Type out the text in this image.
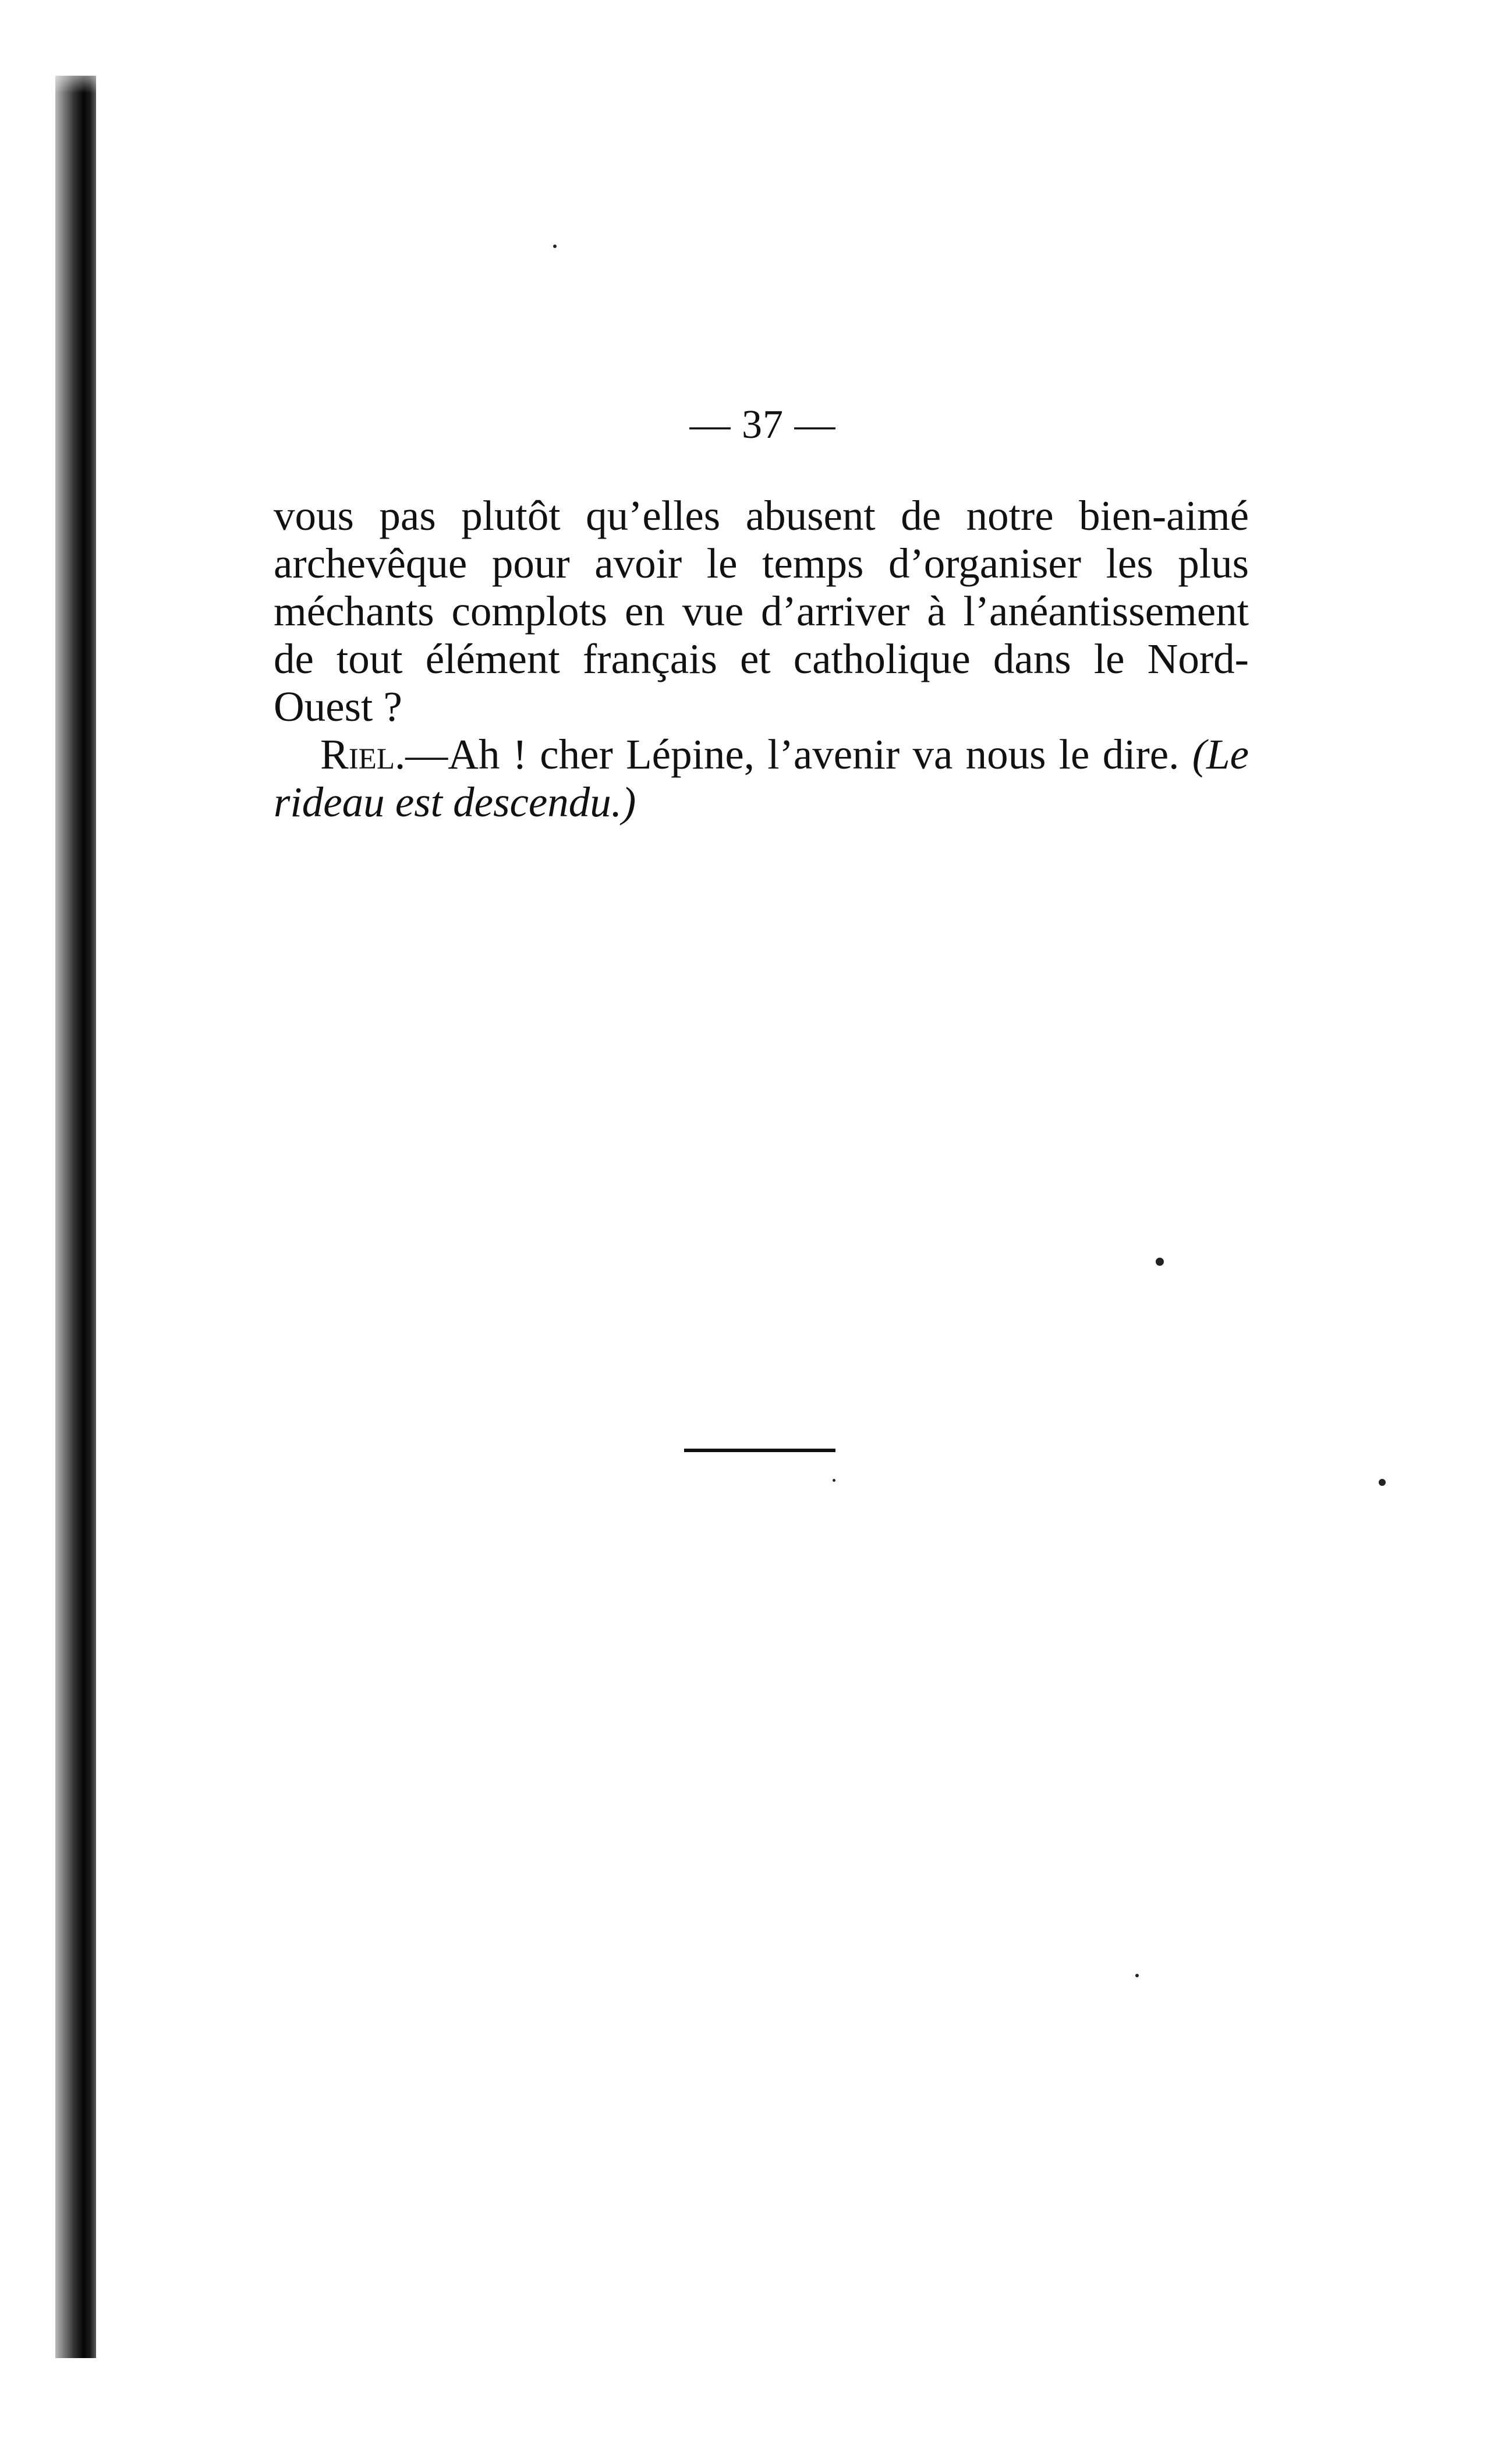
— 37 —

vous pas plutôt qu’elles abusent de notre bien-aimé archevêque pour avoir le temps d’organiser les plus méchants complots en vue d’arriver à l’anéantissement de tout élément français et catholique dans le Nord-Ouest ?

Riel.—Ah ! cher Lépine, l’avenir va nous le dire. (Le rideau est descendu.)
